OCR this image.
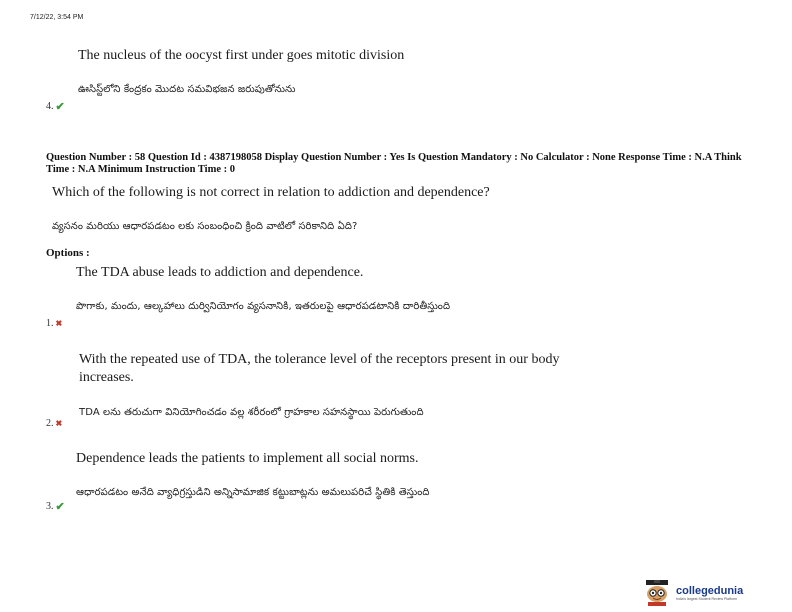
7/12/22, 3:54 PM
The nucleus of the oocyst first under goes mitotic division
ఊసిస్ట్‌లోని కేంద్రకం మొదట సమవిభజన జరుపుతోనును
4. ✔
Question Number : 58 Question Id : 4387198058 Display Question Number : Yes Is Question Mandatory : No Calculator : None Response Time : N.A Think Time : N.A Minimum Instruction Time : 0
Which of the following is not correct in relation to addiction and dependence?
వ్యసనం మరియు ఆధారపడటం లకు సంబంధించి క్రింది వాటిలో సరికానిది ఏది?
Options :
The TDA abuse leads to addiction and dependence.
పొగాకు, మందు, ఆల్కహాలు దుర్వినియోగం వ్యసనానికి, ఇతరులపై ఆధారపడటానికి దారితీస్తుంది
1. ✖
With the repeated use of TDA, the tolerance level of the receptors present in our body
increases.
TDA లను తరుచుగా వినియోగించడం వల్ల శరీరంలో గ్రాహకాల సహనస్థాయి పెరుగుతుంది
2. ✖
Dependence leads the patients to implement all social norms.
ఆధారపడటం అనేది వ్యాధిగ్రస్తుడిని అన్నిసామాజిక కట్టుబాట్లను అమలుపరిచే స్థితికి తెస్తుంది
3. ✔
collegedunia
India's largest Student Review Platform
